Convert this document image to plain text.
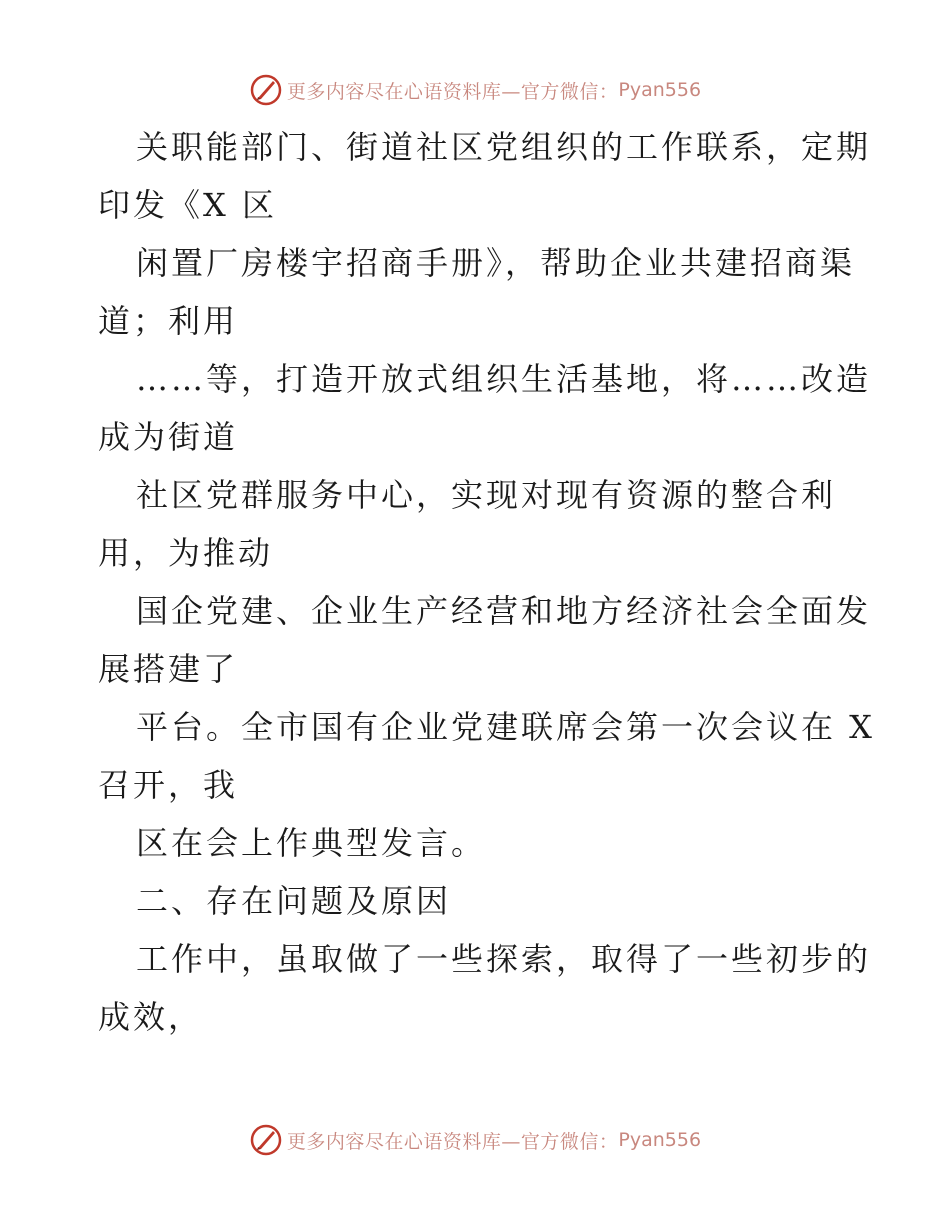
更多内容尽在心语资料库—官方微信： Pyan556
关职能部门、街道社区党组织的工作联系，定期
印发《X 区
闲置厂房楼宇招商手册》，帮助企业共建招商渠
道；利用
……等，打造开放式组织生活基地，将……改造
成为街道
社区党群服务中心，实现对现有资源的整合利
用，为推动
国企党建、企业生产经营和地方经济社会全面发
展搭建了
平台。全市国有企业党建联席会第一次会议在 X
召开，我
区在会上作典型发言。
二、存在问题及原因
工作中，虽取做了一些探索，取得了一些初步的
成效，
更多内容尽在心语资料库—官方微信： Pyan556
